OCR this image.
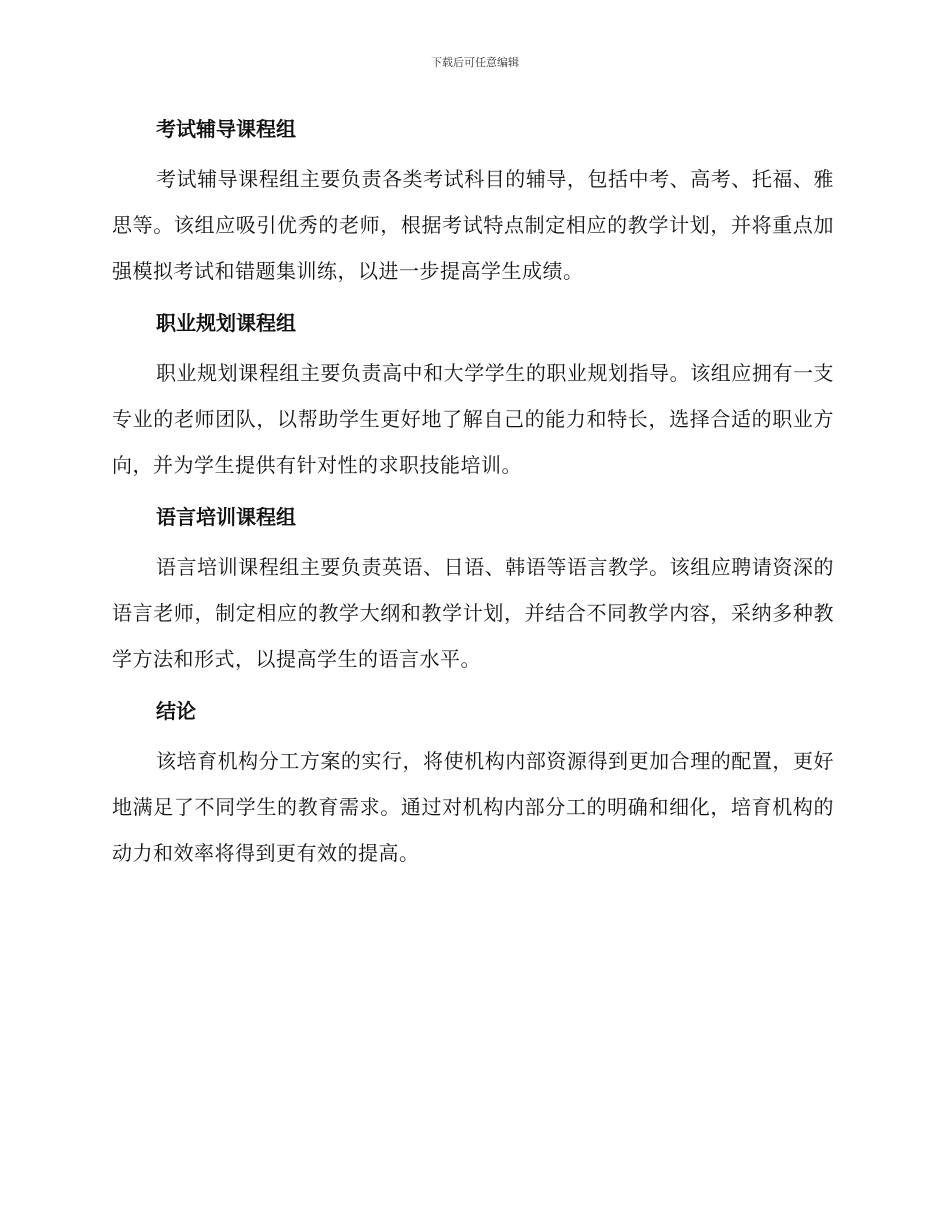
下载后可任意编辑
考试辅导课程组

考试辅导课程组主要负责各类考试科目的辅导，包括中考、高考、托福、雅思等。该组应吸引优秀的老师，根据考试特点制定相应的教学计划，并将重点加强模拟考试和错题集训练，以进一步提高学生成绩。

职业规划课程组

职业规划课程组主要负责高中和大学学生的职业规划指导。该组应拥有一支专业的老师团队，以帮助学生更好地了解自己的能力和特长，选择合适的职业方向，并为学生提供有针对性的求职技能培训。

语言培训课程组

语言培训课程组主要负责英语、日语、韩语等语言教学。该组应聘请资深的语言老师，制定相应的教学大纲和教学计划，并结合不同教学内容，采纳多种教学方法和形式，以提高学生的语言水平。

结论

该培育机构分工方案的实行，将使机构内部资源得到更加合理的配置，更好地满足了不同学生的教育需求。通过对机构内部分工的明确和细化，培育机构的动力和效率将得到更有效的提高。
